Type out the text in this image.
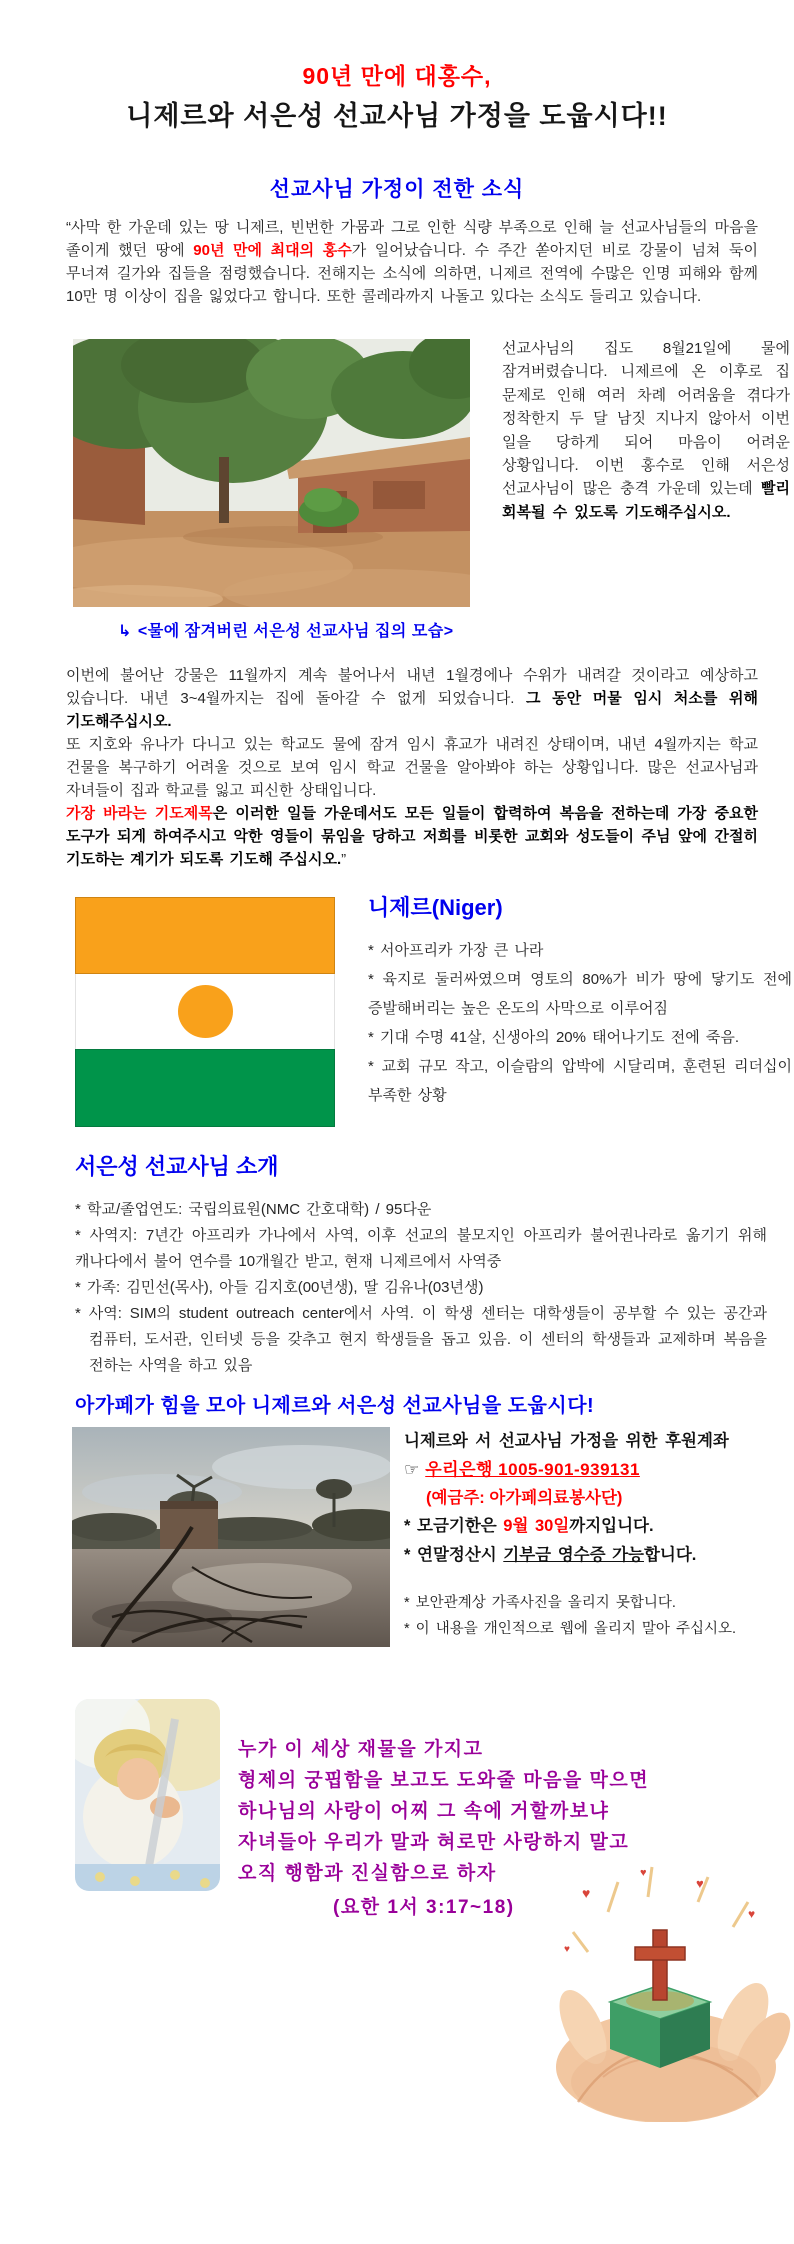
90년 만에 대홍수,
니제르와 서은성 선교사님 가정을 도웁시다!!
선교사님 가정이 전한 소식

“사막 한 가운데 있는 땅 니제르, 빈번한 가뭄과 그로 인한 식량 부족으로 인해 늘 선교사님들의 마음을 졸이게 했던 땅에 90년 만에 최대의 홍수가 일어났습니다. 수 주간 쏟아지던 비로 강물이 넘쳐 둑이 무너져 길가와 집들을 점령했습니다. 전해지는 소식에 의하면, 니제르 전역에 수많은 인명 피해와 함께 10만 명 이상이 집을 잃었다고 합니다. 또한 콜레라까지 나돌고 있다는 소식도 들리고 있습니다.

선교사님의 집도 8월21일에 물에 잠겨버렸습니다. 니제르에 온 이후로 집 문제로 인해 여러 차례 어려움을 겪다가 정착한지 두 달 남짓 지나지 않아서 이번 일을 당하게 되어 마음이 어려운 상황입니다. 이번 홍수로 인해 서은성 선교사님이 많은 충격 가운데 있는데 빨리 회복될 수 있도록 기도해주십시오.
↳ <물에 잠겨버린 서은성 선교사님 집의 모습>

이번에 불어난 강물은 11월까지 계속 불어나서 내년 1월경에나 수위가 내려갈 것이라고 예상하고 있습니다. 내년 3~4월까지는 집에 돌아갈 수 없게 되었습니다. 그 동안 머물 임시 처소를 위해 기도해주십시오.

또 지호와 유나가 다니고 있는 학교도 물에 잠겨 임시 휴교가 내려진 상태이며, 내년 4월까지는 학교 건물을 복구하기 어려울 것으로 보여 임시 학교 건물을 알아봐야 하는 상황입니다. 많은 선교사님과 자녀들이 집과 학교를 잃고 피신한 상태입니다.

가장 바라는 기도제목은 이러한 일들 가운데서도 모든 일들이 합력하여 복음을 전하는데 가장 중요한 도구가 되게 하여주시고 악한 영들이 묶임을 당하고 저희를 비롯한 교회와 성도들이 주님 앞에 간절히 기도하는 계기가 되도록 기도해 주십시오.”

니제르(Niger)

* 서아프리카 가장 큰 나라

* 육지로 둘러싸였으며 영토의 80%가 비가 땅에 닿기도 전에 증발해버리는 높은 온도의 사막으로 이루어짐

* 기대 수명 41살, 신생아의 20% 태어나기도 전에 죽음.

* 교회 규모 작고, 이슬람의 압박에 시달리며, 훈련된 리더십이 부족한 상황

서은성 선교사님 소개

* 학교/졸업연도: 국립의료원(NMC 간호대학) / 95다운

* 사역지: 7년간 아프리카 가나에서 사역, 이후 선교의 불모지인 아프리카 불어권나라로 옮기기 위해 캐나다에서 불어 연수를 10개월간 받고, 현재 니제르에서 사역중

* 가족: 김민선(목사), 아들 김지호(00년생), 딸 김유나(03년생)

* 사역: SIM의 student outreach center에서 사역. 이 학생 센터는 대학생들이 공부할 수 있는 공간과 컴퓨터, 도서관, 인터넷 등을 갖추고 현지 학생들을 돕고 있음. 이 센터의 학생들과 교제하며 복음을 전하는 사역을 하고 있음

아가페가 힘을 모아 니제르와 서은성 선교사님을 도웁시다!
니제르와 서 선교사님 가정을 위한 후원계좌
☞ 우리은행 1005-901-939131
(예금주: 아가페의료봉사단)
* 모금기한은 9월 30일까지입니다.
* 연말정산시 기부금 영수증 가능합니다.
* 보안관계상 가족사진을 올리지 못합니다.
* 이 내용을 개인적으로 웹에 올리지 말아 주십시오.
누가 이 세상 재물을 가지고
형제의 궁핍함을 보고도 도와줄 마음을 막으면
하나님의 사랑이 어찌 그 속에 거할까보냐
자녀들아 우리가 말과 혀로만 사랑하지 말고
오직 행함과 진실함으로 하자
(요한 1서 3:17~18)
♥
♥
♥
♥
♥
